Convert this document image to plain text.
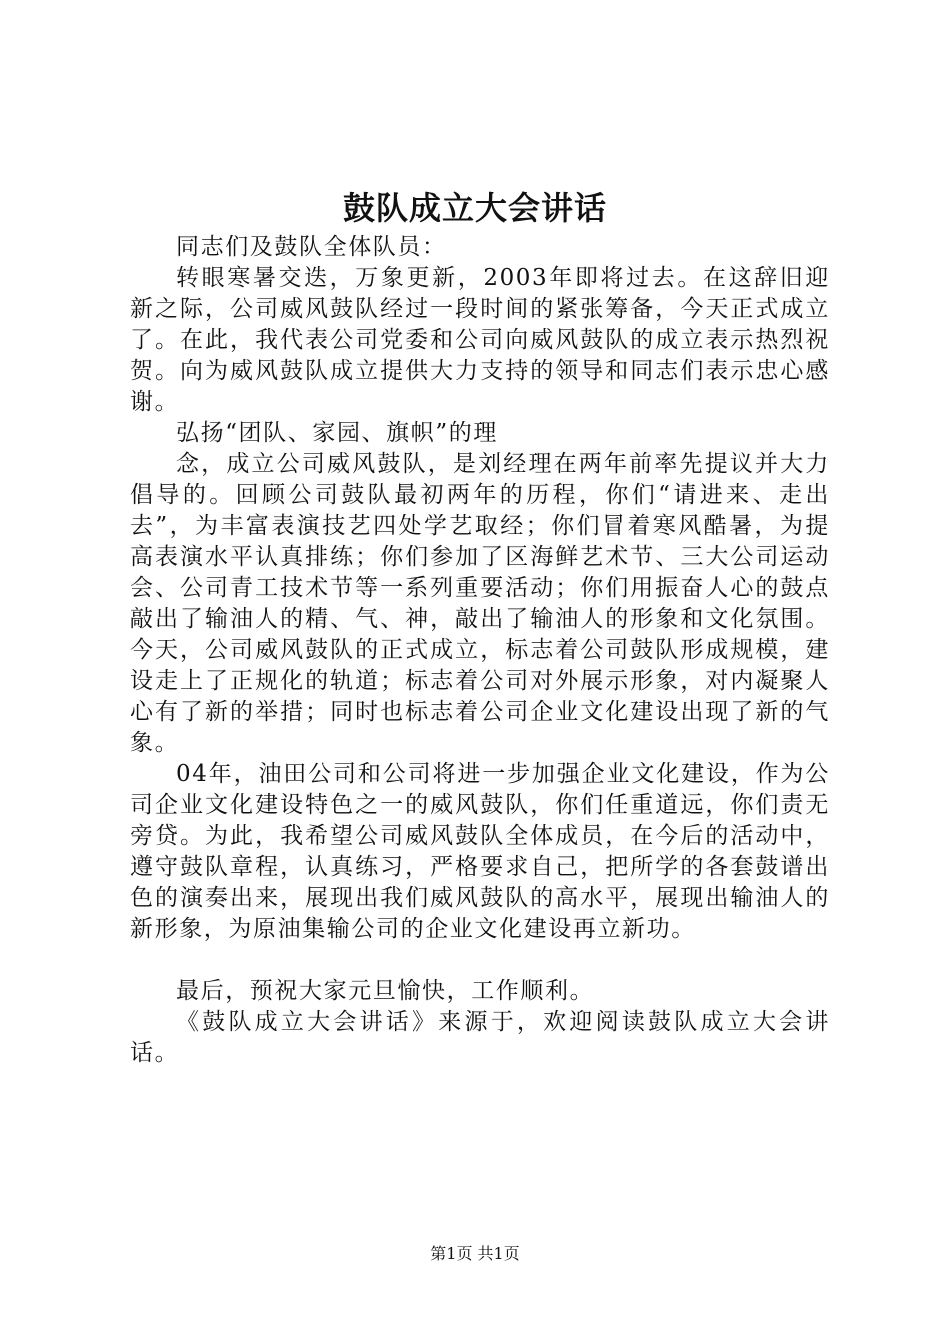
鼓队成立大会讲话

同志们及鼓队全体队员：

转眼寒暑交迭，万象更新，2003年即将过去。在这辞旧迎新之际，公司威风鼓队经过一段时间的紧张筹备，今天正式成立了。在此，我代表公司党委和公司向威风鼓队的成立表示热烈祝贺。向为威风鼓队成立提供大力支持的领导和同志们表示忠心感谢。

弘扬“团队、家园、旗帜”的理

念，成立公司威风鼓队，是刘经理在两年前率先提议并大力倡导的。回顾公司鼓队最初两年的历程，你们“请进来、走出去”，为丰富表演技艺四处学艺取经；你们冒着寒风酷暑，为提高表演水平认真排练；你们参加了区海鲜艺术节、三大公司运动会、公司青工技术节等一系列重要活动；你们用振奋人心的鼓点敲出了输油人的精、气、神，敲出了输油人的形象和文化氛围。今天，公司威风鼓队的正式成立，标志着公司鼓队形成规模，建设走上了正规化的轨道；标志着公司对外展示形象，对内凝聚人心有了新的举措；同时也标志着公司企业文化建设出现了新的气象。

04年，油田公司和公司将进一步加强企业文化建设，作为公司企业文化建设特色之一的威风鼓队，你们任重道远，你们责无旁贷。为此，我希望公司威风鼓队全体成员，在今后的活动中，遵守鼓队章程，认真练习，严格要求自己，把所学的各套鼓谱出色的演奏出来，展现出我们威风鼓队的高水平，展现出输油人的新形象，为原油集输公司的企业文化建设再立新功。

最后，预祝大家元旦愉快，工作顺利。

《鼓队成立大会讲话》来源于，欢迎阅读鼓队成立大会讲话。

第1页 共1页
